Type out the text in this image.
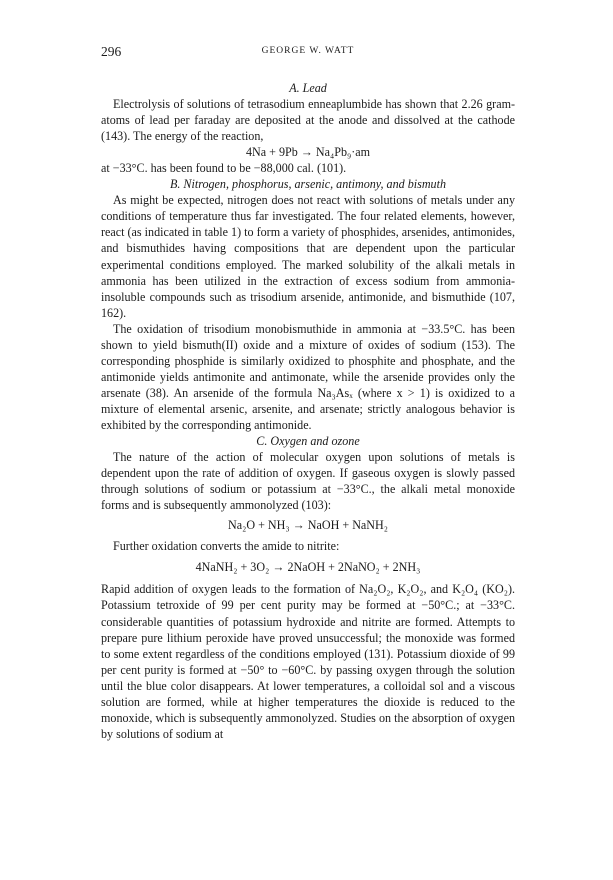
296	GEORGE W. WATT

A. Lead

Electrolysis of solutions of tetrasodium enneaplumbide has shown that 2.26 gram-atoms of lead per faraday are deposited at the anode and dissolved at the cathode (143). The energy of the reaction,

4Na + 9Pb → Na₄Pb₉·am

at −33°C. has been found to be −88,000 cal. (101).

B. Nitrogen, phosphorus, arsenic, antimony, and bismuth

As might be expected, nitrogen does not react with solutions of metals under any conditions of temperature thus far investigated. The four related elements, however, react (as indicated in table 1) to form a variety of phosphides, arsenides, antimonides, and bismuthides having compositions that are dependent upon the particular experimental conditions employed. The marked solubility of the alkali metals in ammonia has been utilized in the extraction of excess sodium from ammonia-insoluble compounds such as trisodium arsenide, antimonide, and bismuthide (107, 162).

The oxidation of trisodium monobismuthide in ammonia at −33.5°C. has been shown to yield bismuth(II) oxide and a mixture of oxides of sodium (153). The corresponding phosphide is similarly oxidized to phosphite and phosphate, and the antimonide yields antimonite and antimonate, while the arsenide provides only the arsenate (38). An arsenide of the formula Na₃Asₓ (where x > 1) is oxidized to a mixture of elemental arsenic, arsenite, and arsenate; strictly analogous behavior is exhibited by the corresponding antimonide.

C. Oxygen and ozone

The nature of the action of molecular oxygen upon solutions of metals is dependent upon the rate of addition of oxygen. If gaseous oxygen is slowly passed through solutions of sodium or potassium at −33°C., the alkali metal monoxide forms and is subsequently ammonolyzed (103):

Na₂O + NH₃ → NaOH + NaNH₂

Further oxidation converts the amide to nitrite:

4NaNH₂ + 3O₂ → 2NaOH + 2NaNO₂ + 2NH₃

Rapid addition of oxygen leads to the formation of Na₂O₂, K₂O₂, and K₂O₄ (KO₂). Potassium tetroxide of 99 per cent purity may be formed at −50°C.; at −33°C. considerable quantities of potassium hydroxide and nitrite are formed. Attempts to prepare pure lithium peroxide have proved unsuccessful; the monoxide was formed to some extent regardless of the conditions employed (131). Potassium dioxide of 99 per cent purity is formed at −50° to −60°C. by passing oxygen through the solution until the blue color disappears. At lower temperatures, a colloidal sol and a viscous solution are formed, while at higher temperatures the dioxide is reduced to the monoxide, which is subsequently ammonolyzed. Studies on the absorption of oxygen by solutions of sodium at
